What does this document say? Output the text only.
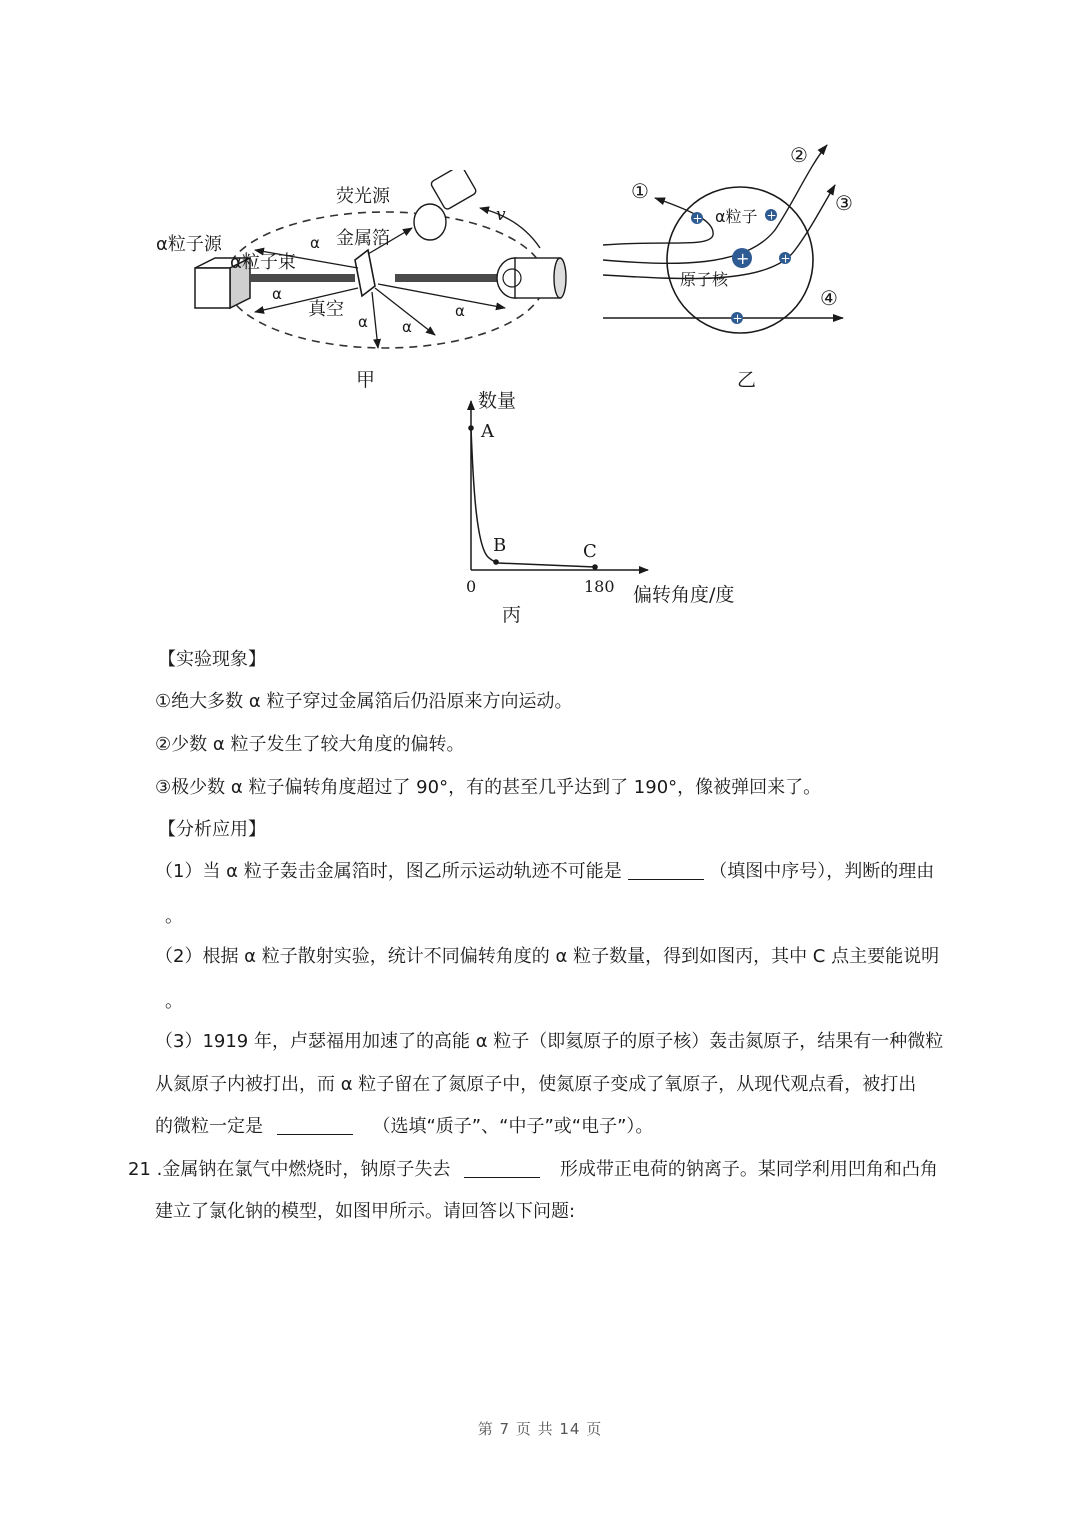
α粒子源
α粒子束
金属箔
荧光源
真空
v
α
α
α α
α
甲
+	+
+	+
+
α粒子
原子核
①
②
③
④
乙
A
B	C
数量
偏转角度/度
0	180
丙
【实验现象】
①绝大多数 α 粒子穿过金属箔后仍沿原来方向运动。
②少数 α 粒子发生了较大角度的偏转。
③极少数 α 粒子偏转角度超过了 90°，有的甚至几乎达到了 190°，像被弹回来了。
【分析应用】
（1）当 α 粒子轰击金属箔时，图乙所示运动轨迹不可能是	（填图中序号），判断的理由
。
（2）根据 α 粒子散射实验，统计不同偏转角度的 α 粒子数量，得到如图丙，其中 C 点主要能说明
。
（3）1919 年，卢瑟福用加速了的高能 α 粒子（即氦原子的原子核）轰击氮原子，结果有一种微粒
从氮原子内被打出，而 α 粒子留在了氮原子中，使氮原子变成了氧原子，从现代观点看，被打出
的微粒一定是	（选填“质子”、“中子”或“电子”）。
21 .金属钠在氯气中燃烧时，钠原子失去	形成带正电荷的钠离子。某同学利用凹角和凸角
建立了氯化钠的模型，如图甲所示。请回答以下问题:
第 7 页 共 14 页
